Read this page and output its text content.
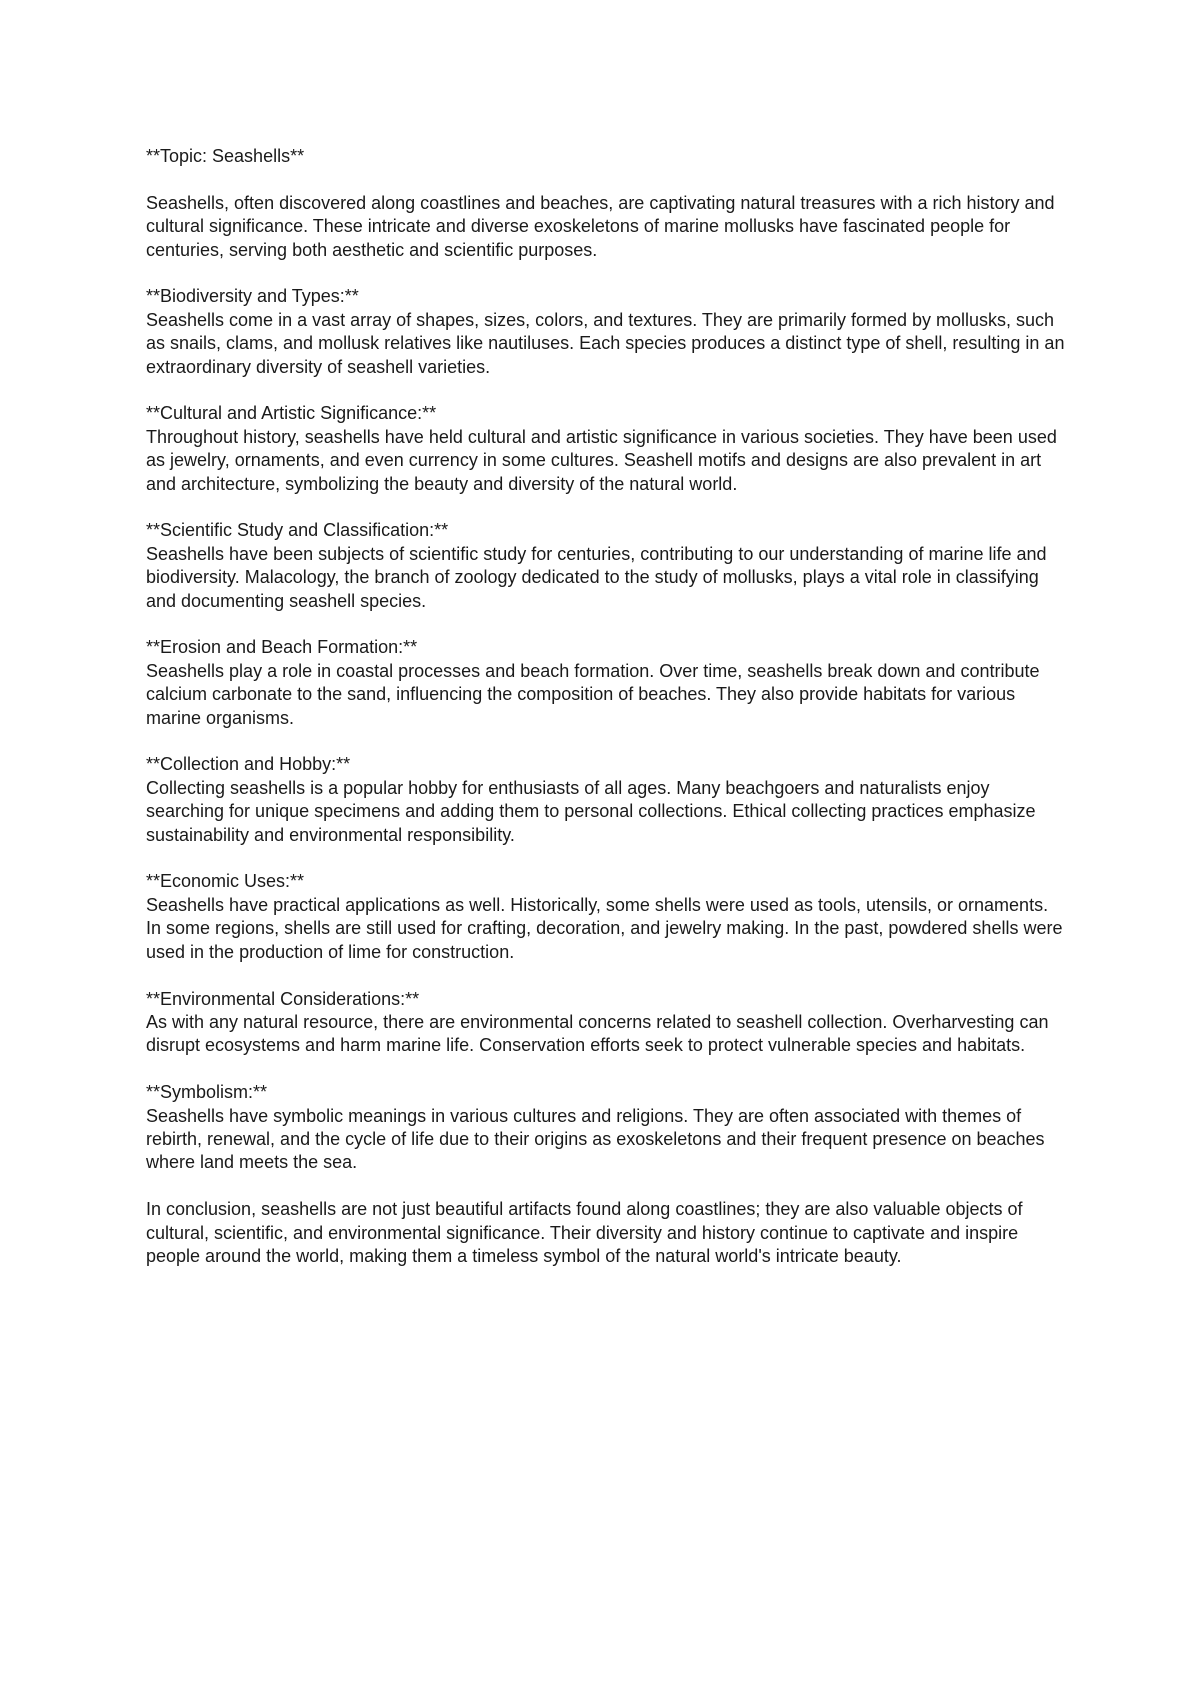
**Topic: Seashells**

Seashells, often discovered along coastlines and beaches, are captivating natural treasures with a rich history and cultural significance. These intricate and diverse exoskeletons of marine mollusks have fascinated people for centuries, serving both aesthetic and scientific purposes.

**Biodiversity and Types:**

Seashells come in a vast array of shapes, sizes, colors, and textures. They are primarily formed by mollusks, such as snails, clams, and mollusk relatives like nautiluses. Each species produces a distinct type of shell, resulting in an extraordinary diversity of seashell varieties.

**Cultural and Artistic Significance:**

Throughout history, seashells have held cultural and artistic significance in various societies. They have been used as jewelry, ornaments, and even currency in some cultures. Seashell motifs and designs are also prevalent in art and architecture, symbolizing the beauty and diversity of the natural world.

**Scientific Study and Classification:**

Seashells have been subjects of scientific study for centuries, contributing to our understanding of marine life and biodiversity. Malacology, the branch of zoology dedicated to the study of mollusks, plays a vital role in classifying and documenting seashell species.

**Erosion and Beach Formation:**

Seashells play a role in coastal processes and beach formation. Over time, seashells break down and contribute calcium carbonate to the sand, influencing the composition of beaches. They also provide habitats for various marine organisms.

**Collection and Hobby:**

Collecting seashells is a popular hobby for enthusiasts of all ages. Many beachgoers and naturalists enjoy searching for unique specimens and adding them to personal collections. Ethical collecting practices emphasize sustainability and environmental responsibility.

**Economic Uses:**

Seashells have practical applications as well. Historically, some shells were used as tools, utensils, or ornaments. In some regions, shells are still used for crafting, decoration, and jewelry making. In the past, powdered shells were used in the production of lime for construction.

**Environmental Considerations:**

As with any natural resource, there are environmental concerns related to seashell collection. Overharvesting can disrupt ecosystems and harm marine life. Conservation efforts seek to protect vulnerable species and habitats.

**Symbolism:**

Seashells have symbolic meanings in various cultures and religions. They are often associated with themes of rebirth, renewal, and the cycle of life due to their origins as exoskeletons and their frequent presence on beaches where land meets the sea.

In conclusion, seashells are not just beautiful artifacts found along coastlines; they are also valuable objects of cultural, scientific, and environmental significance. Their diversity and history continue to captivate and inspire people around the world, making them a timeless symbol of the natural world's intricate beauty.
